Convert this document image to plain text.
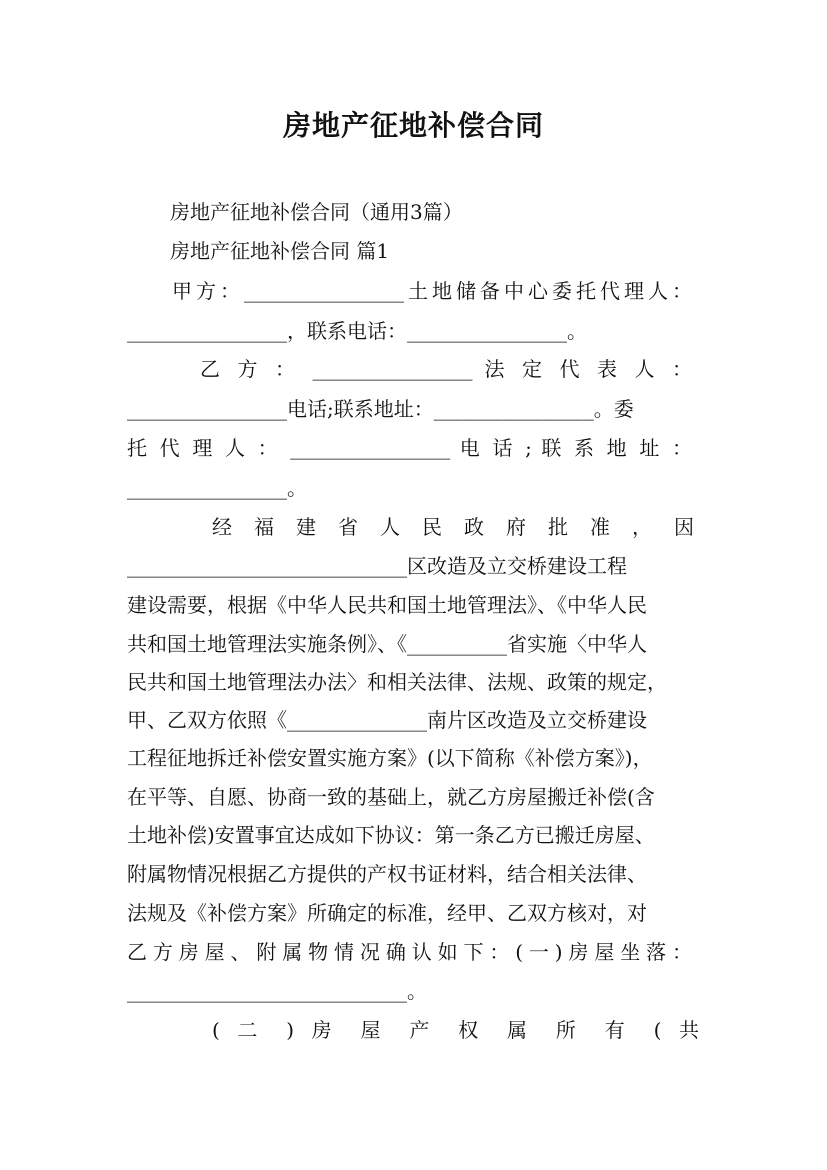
房地产征地补偿合同
房地产征地补偿合同（通用3篇）
房地产征地补偿合同 篇1
甲方：________________土地储备中心委托代理人：
________________，联系电话：________________。
乙 方 ： ________________ 法 定 代 表 人 ：
________________电话;联系地址：________________。委
托 代 理 人 ： ________________ 电 话 ; 联 系 地 址 ：
________________。
经 福 建 省 人 民 政 府 批 准 ， 因
____________________________区改造及立交桥建设工程
建设需要，根据《中华人民共和国土地管理法》、《中华人民
共和国土地管理法实施条例》、《__________省实施〈中华人
民共和国土地管理法办法〉和相关法律、法规、政策的规定，
甲、乙双方依照《______________南片区改造及立交桥建设
工程征地拆迁补偿安置实施方案》(以下简称《补偿方案》)，
在平等、自愿、协商一致的基础上，就乙方房屋搬迁补偿(含
土地补偿)安置事宜达成如下协议：第一条乙方已搬迁房屋、
附属物情况根据乙方提供的产权书证材料，结合相关法律、
法规及《补偿方案》所确定的标准，经甲、乙双方核对，对
乙方房屋、附属物情况确认如下：(一)房屋坐落：
____________________________。
( 二 ) 房 屋 产 权 属 所 有 ( 共
